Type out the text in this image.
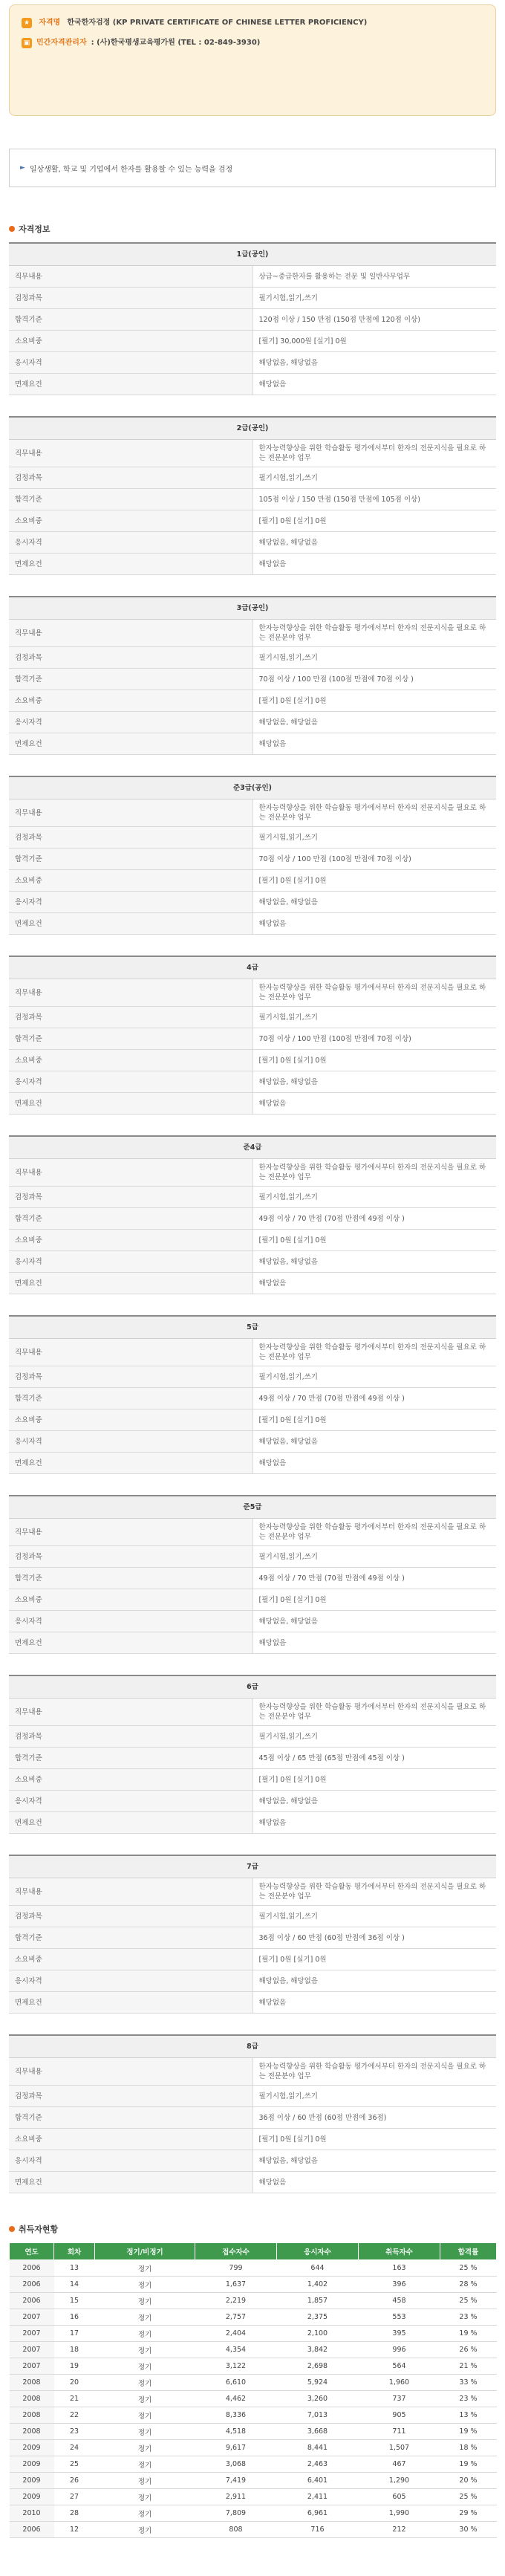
★ 자격명 한국한자검정 (KP PRIVATE CERTIFICATE OF CHINESE LETTER PROFICIENCY)
▣ 민간자격관리자 : (사)한국평생교육평가원 (TEL : 02-849-3930)
► 일상생활, 학교 및 기업에서 한자를 활용할 수 있는 능력을 검정
자격정보
1급(공인)	
직무내용	상급~중급한자를 활용하는 전문 및 일반사무업무
검정과목	필기시험,읽기,쓰기
합격기준	120점 이상 / 150 만점 (150점 만점에 120점 이상)
소요비중	[필기] 30,000원 [실기] 0원
응시자격	해당없음, 해당없음
면제요건	해당없음
2급(공인)	
직무내용	한자능력향상을 위한 학습활동 평가에서부터 한자의 전문지식을 필요로 하는 전문분야 업무
검정과목	필기시험,읽기,쓰기
합격기준	105점 이상 / 150 만점 (150점 만점에 105점 이상)
소요비중	[필기] 0원 [실기] 0원
응시자격	해당없음, 해당없음
면제요건	해당없음
3급(공인)	
직무내용	한자능력향상을 위한 학습활동 평가에서부터 한자의 전문지식을 필요로 하는 전문분야 업무
검정과목	필기시험,읽기,쓰기
합격기준	70점 이상 / 100 만점 (100점 만점에 70점 이상 )
소요비중	[필기] 0원 [실기] 0원
응시자격	해당없음, 해당없음
면제요건	해당없음
준3급(공인)	
직무내용	한자능력향상을 위한 학습활동 평가에서부터 한자의 전문지식을 필요로 하는 전문분야 업무
검정과목	필기시험,읽기,쓰기
합격기준	70점 이상 / 100 만점 (100점 만점에 70점 이상)
소요비중	[필기] 0원 [실기] 0원
응시자격	해당없음, 해당없음
면제요건	해당없음
4급	
직무내용	한자능력향상을 위한 학습활동 평가에서부터 한자의 전문지식을 필요로 하는 전문분야 업무
검정과목	필기시험,읽기,쓰기
합격기준	70점 이상 / 100 만점 (100점 만점에 70점 이상)
소요비중	[필기] 0원 [실기] 0원
응시자격	해당없음, 해당없음
면제요건	해당없음
준4급	
직무내용	한자능력향상을 위한 학습활동 평가에서부터 한자의 전문지식을 필요로 하는 전문분야 업무
검정과목	필기시험,읽기,쓰기
합격기준	49점 이상 / 70 만점 (70점 만점에 49점 이상 )
소요비중	[필기] 0원 [실기] 0원
응시자격	해당없음, 해당없음
면제요건	해당없음
5급	
직무내용	한자능력향상을 위한 학습활동 평가에서부터 한자의 전문지식을 필요로 하는 전문분야 업무
검정과목	필기시험,읽기,쓰기
합격기준	49점 이상 / 70 만점 (70점 만점에 49점 이상 )
소요비중	[필기] 0원 [실기] 0원
응시자격	해당없음, 해당없음
면제요건	해당없음
준5급	
직무내용	한자능력향상을 위한 학습활동 평가에서부터 한자의 전문지식을 필요로 하는 전문분야 업무
검정과목	필기시험,읽기,쓰기
합격기준	49점 이상 / 70 만점 (70점 만점에 49점 이상 )
소요비중	[필기] 0원 [실기] 0원
응시자격	해당없음, 해당없음
면제요건	해당없음
6급	
직무내용	한자능력향상을 위한 학습활동 평가에서부터 한자의 전문지식을 필요로 하는 전문분야 업무
검정과목	필기시험,읽기,쓰기
합격기준	45점 이상 / 65 만점 (65점 만점에 45점 이상 )
소요비중	[필기] 0원 [실기] 0원
응시자격	해당없음, 해당없음
면제요건	해당없음
7급	
직무내용	한자능력향상을 위한 학습활동 평가에서부터 한자의 전문지식을 필요로 하는 전문분야 업무
검정과목	필기시험,읽기,쓰기
합격기준	36점 이상 / 60 만점 (60점 만점에 36점 이상 )
소요비중	[필기] 0원 [실기] 0원
응시자격	해당없음, 해당없음
면제요건	해당없음
8급	
직무내용	한자능력향상을 위한 학습활동 평가에서부터 한자의 전문지식을 필요로 하는 전문분야 업무
검정과목	필기시험,읽기,쓰기
합격기준	36점 이상 / 60 만점 (60점 만점에 36점)
소요비중	[필기] 0원 [실기] 0원
응시자격	해당없음, 해당없음
면제요건	해당없음
취득자현황
연도	회차	정기/비정기	접수자수	응시자수	취득자수	합격률
2006	13	정기	799	644	163	25 %
2006	14	정기	1,637	1,402	396	28 %
2006	15	정기	2,219	1,857	458	25 %
2007	16	정기	2,757	2,375	553	23 %
2007	17	정기	2,404	2,100	395	19 %
2007	18	정기	4,354	3,842	996	26 %
2007	19	정기	3,122	2,698	564	21 %
2008	20	정기	6,610	5,924	1,960	33 %
2008	21	정기	4,462	3,260	737	23 %
2008	22	정기	8,336	7,013	905	13 %
2008	23	정기	4,518	3,668	711	19 %
2009	24	정기	9,617	8,441	1,507	18 %
2009	25	정기	3,068	2,463	467	19 %
2009	26	정기	7,419	6,401	1,290	20 %
2009	27	정기	2,911	2,411	605	25 %
2010	28	정기	7,809	6,961	1,990	29 %
2006	12	정기	808	716	212	30 %
